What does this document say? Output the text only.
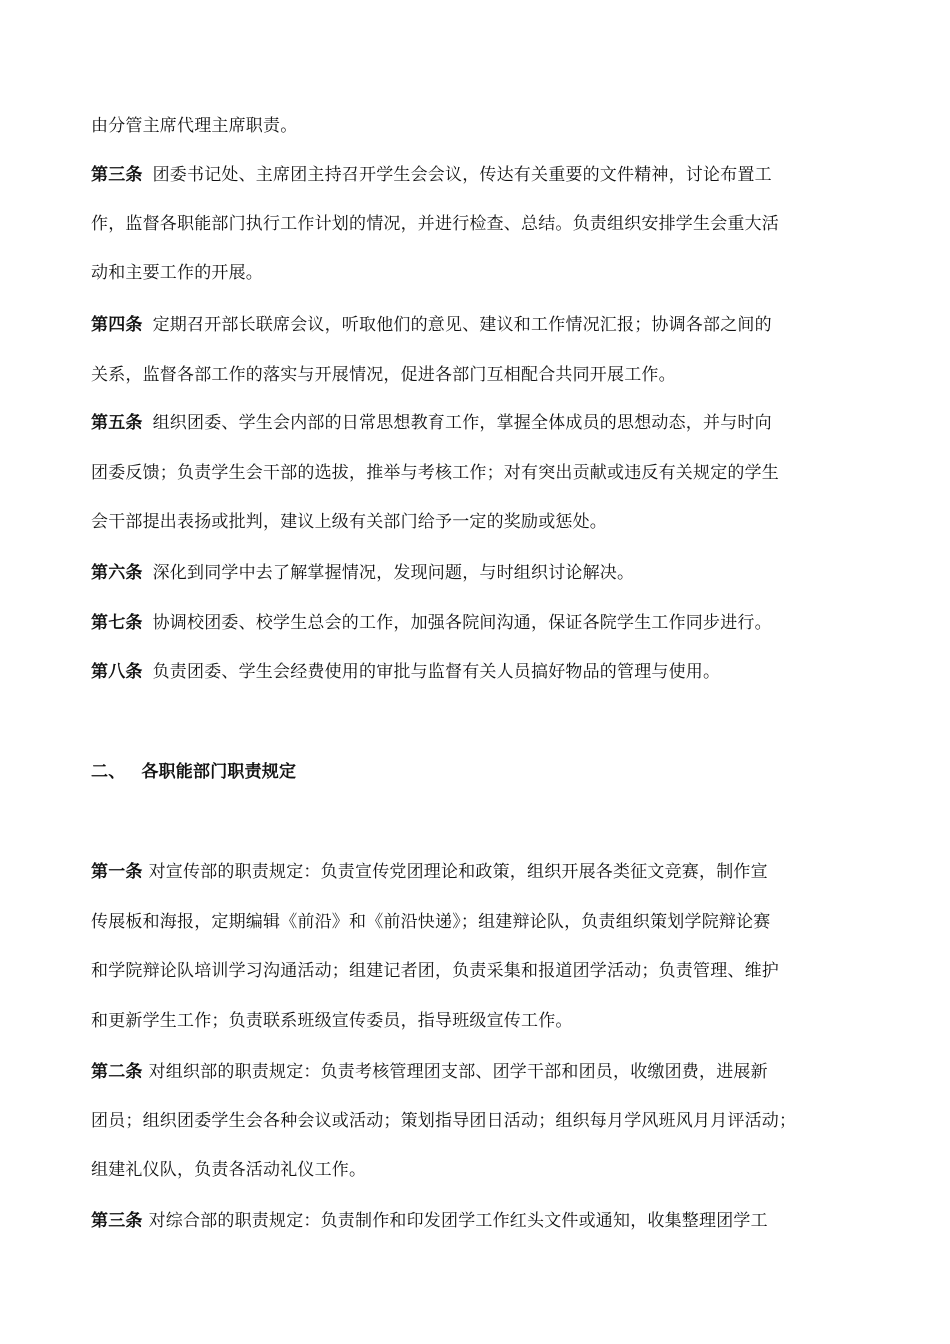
由分管主席代理主席职责。
第三条 团委书记处、主席团主持召开学生会会议，传达有关重要的文件精神，讨论布置工
作，监督各职能部门执行工作计划的情况，并进行检查、总结。负责组织安排学生会重大活
动和主要工作的开展。
第四条 定期召开部长联席会议，听取他们的意见、建议和工作情况汇报；协调各部之间的
关系，监督各部工作的落实与开展情况，促进各部门互相配合共同开展工作。
第五条 组织团委、学生会内部的日常思想教育工作，掌握全体成员的思想动态，并与时向
团委反馈；负责学生会干部的选拔，推举与考核工作；对有突出贡献或违反有关规定的学生
会干部提出表扬或批判，建议上级有关部门给予一定的奖励或惩处。
第六条 深化到同学中去了解掌握情况，发现问题，与时组织讨论解决。
第七条 协调校团委、校学生总会的工作，加强各院间沟通，保证各院学生工作同步进行。
第八条 负责团委、学生会经费使用的审批与监督有关人员搞好物品的管理与使用。
二、 各职能部门职责规定
第一条 对宣传部的职责规定：负责宣传党团理论和政策，组织开展各类征文竞赛，制作宣
传展板和海报，定期编辑《前沿》和《前沿快递》；组建辩论队，负责组织策划学院辩论赛
和学院辩论队培训学习沟通活动；组建记者团，负责采集和报道团学活动；负责管理、维护
和更新学生工作；负责联系班级宣传委员，指导班级宣传工作。
第二条 对组织部的职责规定：负责考核管理团支部、团学干部和团员，收缴团费，进展新
团员；组织团委学生会各种会议或活动；策划指导团日活动；组织每月学风班风月月评活动；
组建礼仪队，负责各活动礼仪工作。
第三条 对综合部的职责规定：负责制作和印发团学工作红头文件或通知，收集整理团学工
